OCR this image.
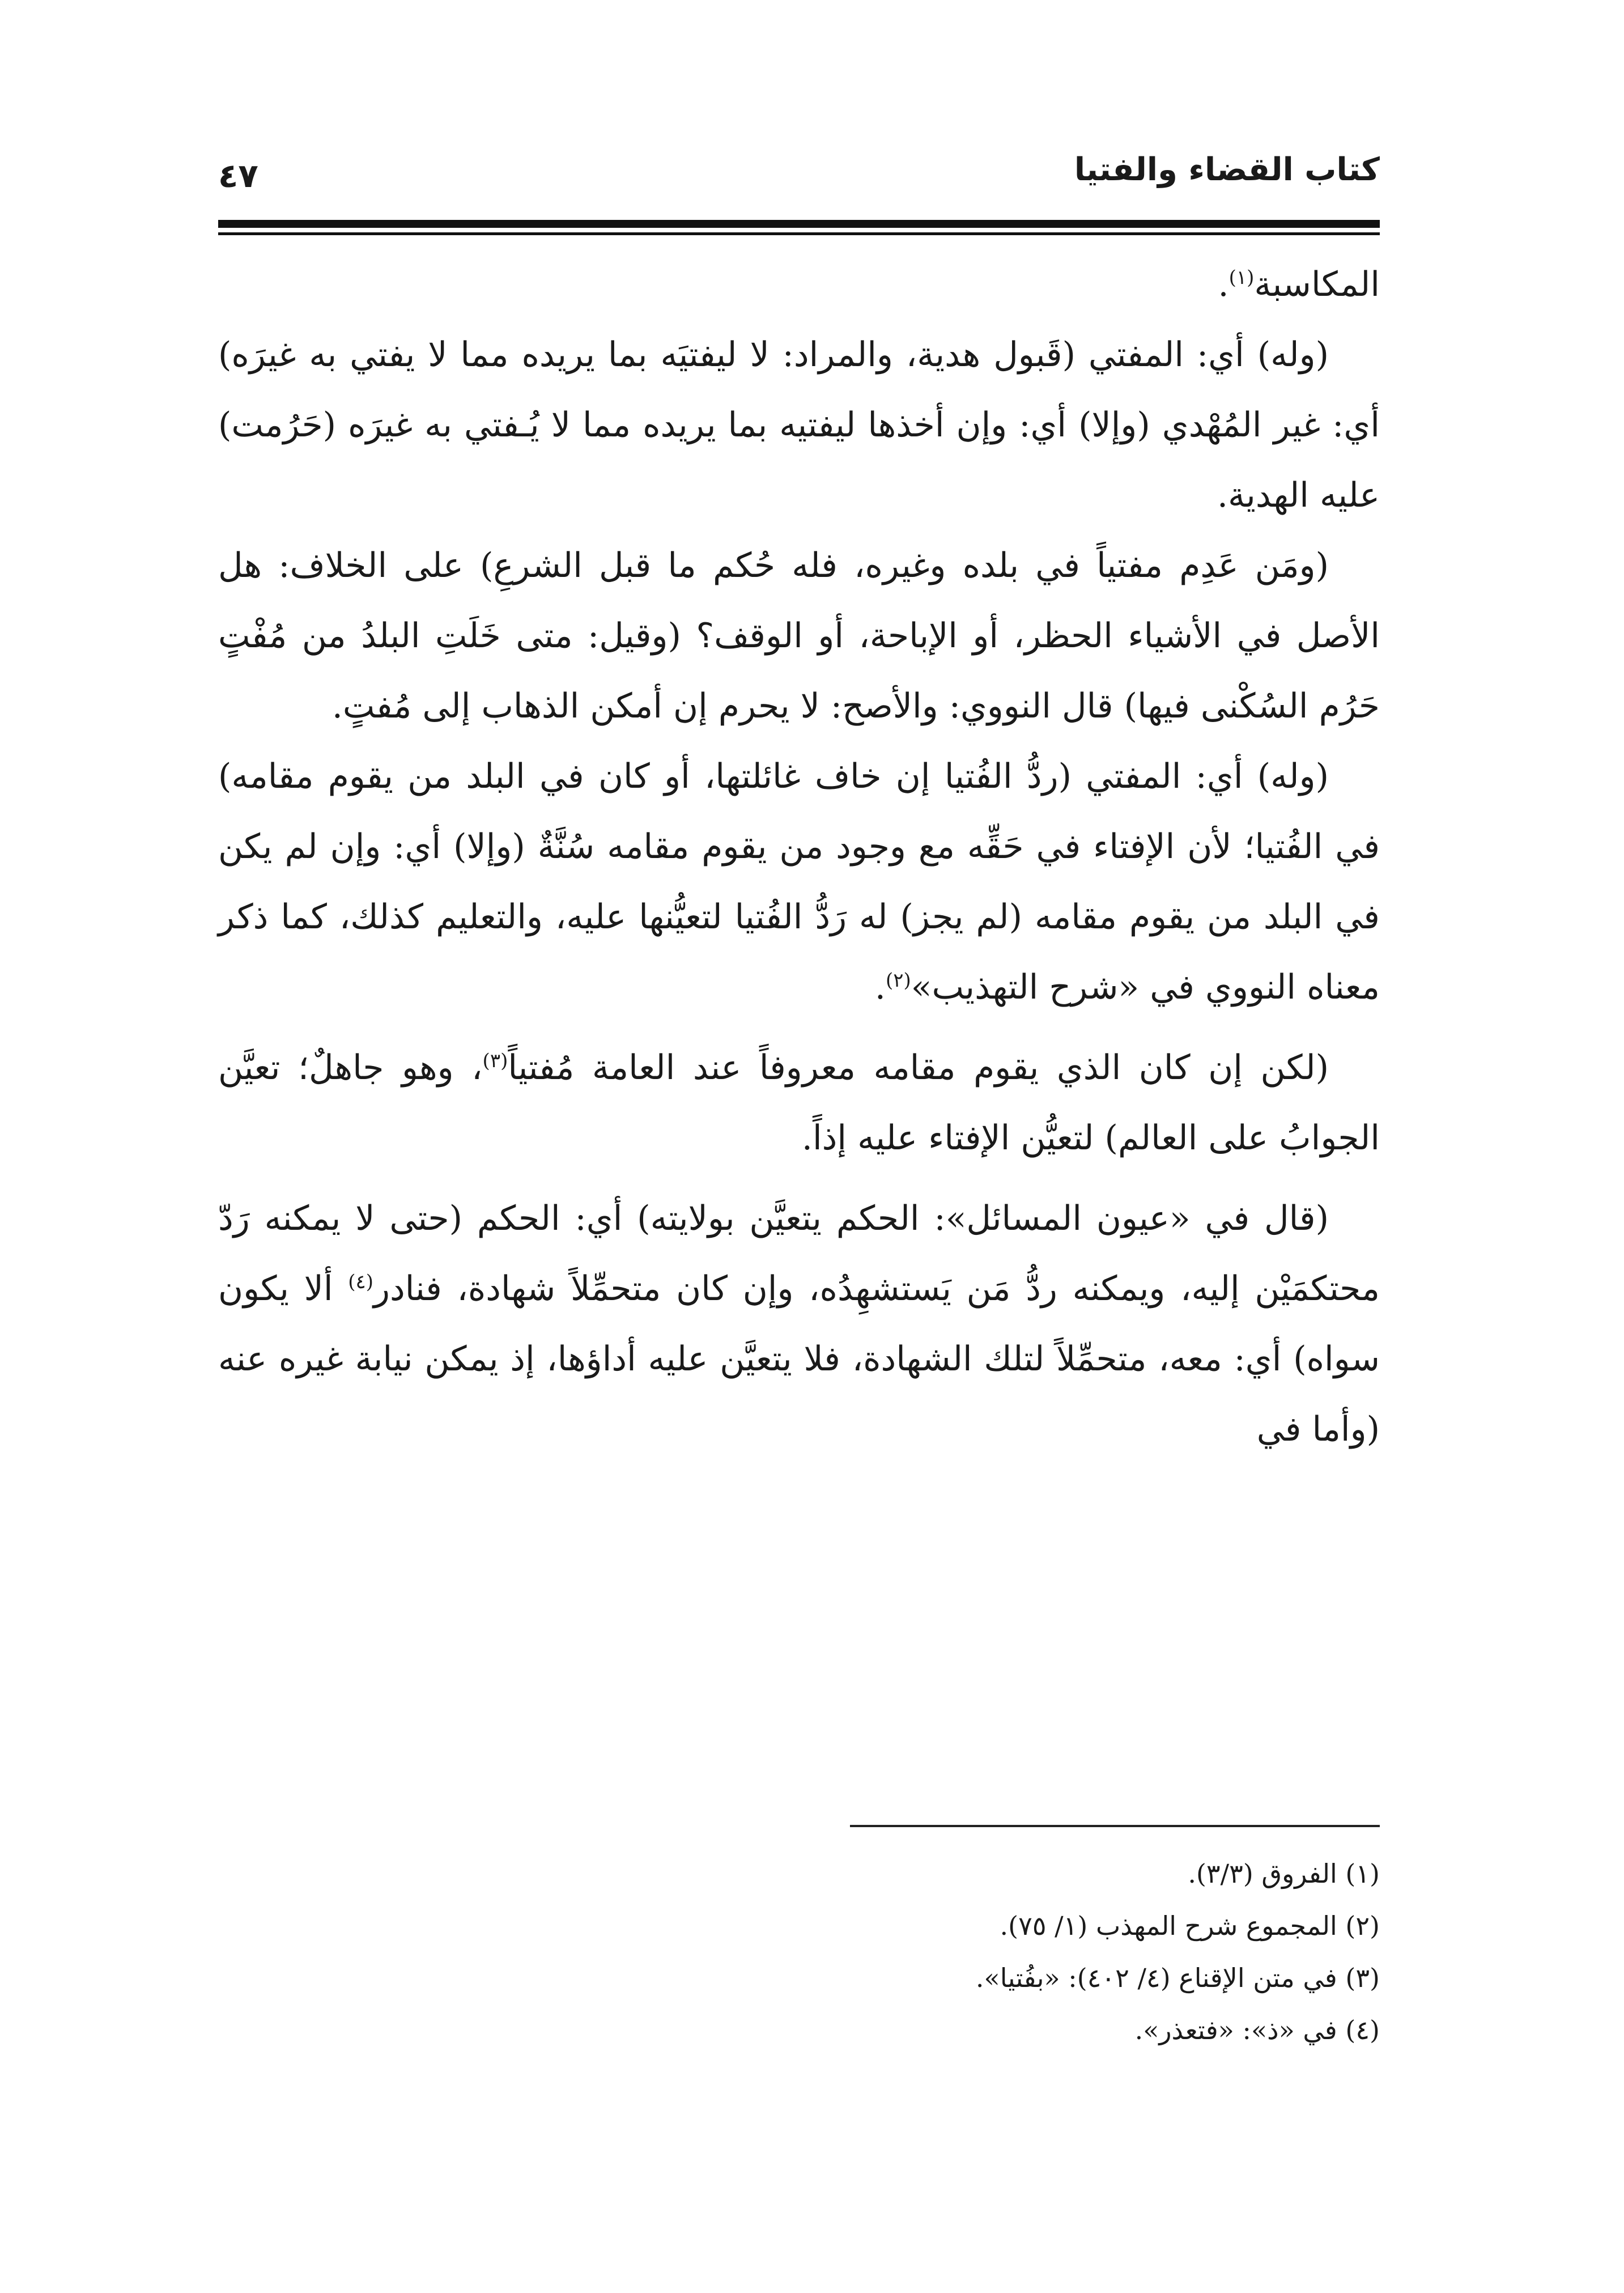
كتاب القضاء والفتيا
٤٧

المكاسبة$^{(١)}$.

(وله) أي: المفتي (قَبول هدية، والمراد: لا ليفتيَه بما يريده مما لا يفتي به غيرَه) أي: غير المُهْدي (وإلا) أي: وإن أخذها ليفتيه بما يريده مما لا يُـفتي به غيرَه (حَرُمت) عليه الهدية.

(ومَن عَدِم مفتياً في بلده وغيره، فله حُكم ما قبل الشرعِ) على الخلاف: هل الأصل في الأشياء الحظر، أو الإباحة، أو الوقف؟ (وقيل: متى خَلَتِ البلدُ من مُفْتٍ حَرُم السُكْنى فيها) قال النووي: والأصح: لا يحرم إن أمكن الذهاب إلى مُفتٍ.

(وله) أي: المفتي (ردُّ الفُتيا إن خاف غائلتها، أو كان في البلد من يقوم مقامه) في الفُتيا؛ لأن الإفتاء في حَقِّه مع وجود من يقوم مقامه سُنَّةٌ (وإلا) أي: وإن لم يكن في البلد من يقوم مقامه (لم يجز) له رَدُّ الفُتيا لتعيُّنها عليه، والتعليم كذلك، كما ذكر معناه النووي في «شرح التهذيب»$^{(٢)}$.

(لكن إن كان الذي يقوم مقامه معروفاً عند العامة مُفتياً$^{(٣)}$، وهو جاهلٌ؛ تعيَّن الجوابُ على العالم) لتعيُّن الإفتاء عليه إذاً.

(قال في «عيون المسائل»: الحكم يتعيَّن بولايته) أي: الحكم (حتى لا يمكنه رَدّ محتكمَيْن إليه، ويمكنه ردُّ مَن يَستشهِدُه، وإن كان متحمِّلاً شهادة، فنادر$^{(٤)}$ ألا يكون سواه) أي: معه، متحمِّلاً لتلك الشهادة، فلا يتعيَّن عليه أداؤها، إذ يمكن نيابة غيره عنه (وأما في

(١) الفروق (٣/٣).
(٢) المجموع شرح المهذب (١/ ٧٥).
(٣) في متن الإقناع (٤/ ٤٠٢): «بفُتيا».
(٤) في «ذ»: «فتعذر».
